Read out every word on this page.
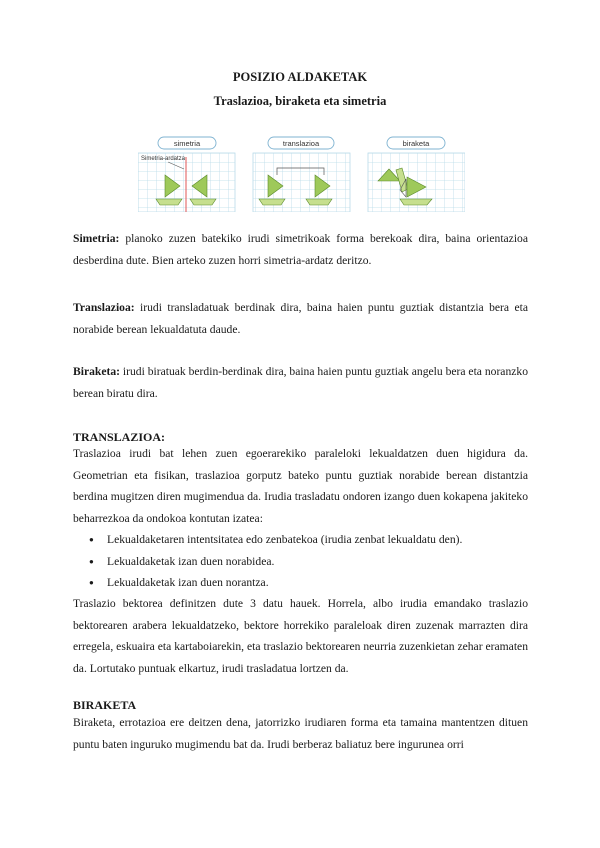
POSIZIO ALDAKETAK
Traslazioa, biraketa eta simetria
simetria
Simetria-ardatza
translazioa	biraketa

Simetria: planoko zuzen batekiko irudi simetrikoak forma berekoak dira, baina orientazioa desberdina dute. Bien arteko zuzen horri simetria-ardatz deritzo.

Translazioa: irudi transladatuak berdinak dira, baina haien puntu guztiak distantzia bera eta norabide berean lekualdatuta daude.

Biraketa: irudi biratuak berdin-berdinak dira, baina haien puntu guztiak angelu bera eta noranzko berean biratu dira.

TRANSLAZIOA:

Traslazioa irudi bat lehen zuen egoerarekiko paraleloki lekualdatzen duen higidura da. Geometrian eta fisikan, traslazioa gorputz bateko puntu guztiak norabide berean distantzia berdina mugitzen diren mugimendua da. Irudia trasladatu ondoren izango duen kokapena jakiteko beharrezkoa da ondokoa kontutan izatea:

● Lekualdaketaren intentsitatea edo zenbatekoa (irudia zenbat lekualdatu den).
● Lekualdaketak izan duen norabidea.
● Lekualdaketak izan duen norantza.

Traslazio bektorea definitzen dute 3 datu hauek. Horrela, albo irudia emandako traslazio bektorearen arabera lekualdatzeko, bektore horrekiko paraleloak diren zuzenak marrazten dira erregela, eskuaira eta kartaboiarekin, eta traslazio bektorearen neurria zuzenkietan zehar eramaten da. Lortutako puntuak elkartuz, irudi trasladatua lortzen da.

BIRAKETA

Biraketa, errotazioa ere deitzen dena, jatorrizko irudiaren forma eta tamaina mantentzen dituen puntu baten inguruko mugimendu bat da. Irudi berberaz baliatuz bere ingurunea orri
